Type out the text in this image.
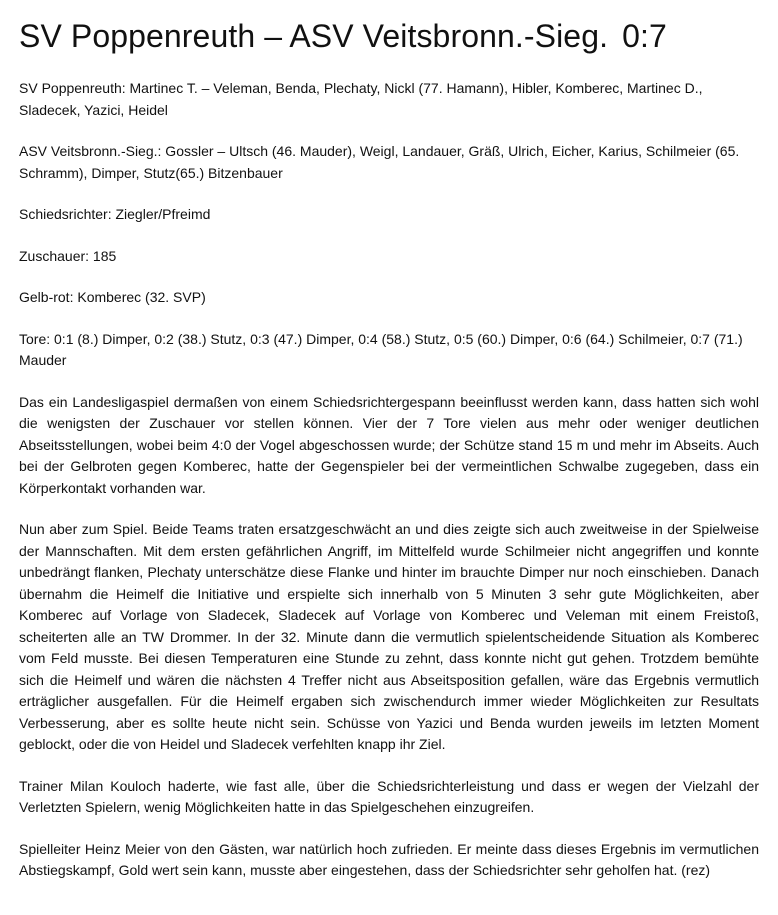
SV Poppenreuth – ASV Veitsbronn.-Sieg. 0:7

SV Poppenreuth: Martinec T. – Veleman, Benda, Plechaty, Nickl (77. Hamann), Hibler, Komberec, Martinec D., Sladecek, Yazici, Heidel

ASV Veitsbronn.-Sieg.: Gossler – Ultsch (46. Mauder), Weigl, Landauer, Gräß, Ulrich, Eicher, Karius, Schilmeier (65. Schramm), Dimper, Stutz(65.) Bitzenbauer

Schiedsrichter: Ziegler/Pfreimd

Zuschauer: 185

Gelb-rot: Komberec (32. SVP)

Tore: 0:1 (8.) Dimper, 0:2 (38.) Stutz, 0:3 (47.) Dimper, 0:4 (58.) Stutz, 0:5 (60.) Dimper, 0:6 (64.) Schilmeier, 0:7 (71.) Mauder

Das ein Landesligaspiel dermaßen von einem Schiedsrichtergespann beeinflusst werden kann, dass hatten sich wohl die wenigsten der Zuschauer vor stellen können. Vier der 7 Tore vielen aus mehr oder weniger deutlichen Abseitsstellungen, wobei beim 4:0 der Vogel abgeschossen wurde; der Schütze stand 15 m und mehr im Abseits. Auch bei der Gelbroten gegen Komberec, hatte der Gegenspieler bei der vermeintlichen Schwalbe zugegeben, dass ein Körperkontakt vorhanden war.

Nun aber zum Spiel. Beide Teams traten ersatzgeschwächt an und dies zeigte sich auch zweitweise in der Spielweise der Mannschaften. Mit dem ersten gefährlichen Angriff, im Mittelfeld wurde Schilmeier nicht angegriffen und konnte unbedrängt flanken, Plechaty unterschätze diese Flanke und hinter im brauchte Dimper nur noch einschieben. Danach übernahm die Heimelf die Initiative und erspielte sich innerhalb von 5 Minuten 3 sehr gute Möglichkeiten, aber Komberec auf Vorlage von Sladecek, Sladecek auf Vorlage von Komberec und Veleman mit einem Freistoß, scheiterten alle an TW Drommer. In der 32. Minute dann die vermutlich spielentscheidende Situation als Komberec vom Feld musste. Bei diesen Temperaturen eine Stunde zu zehnt, dass konnte nicht gut gehen. Trotzdem bemühte sich die Heimelf und wären die nächsten 4 Treffer nicht aus Abseitsposition gefallen, wäre das Ergebnis vermutlich erträglicher ausgefallen. Für die Heimelf ergaben sich zwischendurch immer wieder Möglichkeiten zur Resultats Verbesserung, aber es sollte heute nicht sein. Schüsse von Yazici und Benda wurden jeweils im letzten Moment geblockt, oder die von Heidel und Sladecek verfehlten knapp ihr Ziel.

Trainer Milan Kouloch haderte, wie fast alle, über die Schiedsrichterleistung und dass er wegen der Vielzahl der Verletzten Spielern, wenig Möglichkeiten hatte in das Spielgeschehen einzugreifen.

Spielleiter Heinz Meier von den Gästen, war natürlich hoch zufrieden. Er meinte dass dieses Ergebnis im vermutlichen Abstiegskampf, Gold wert sein kann, musste aber eingestehen, dass der Schiedsrichter sehr geholfen hat. (rez)
